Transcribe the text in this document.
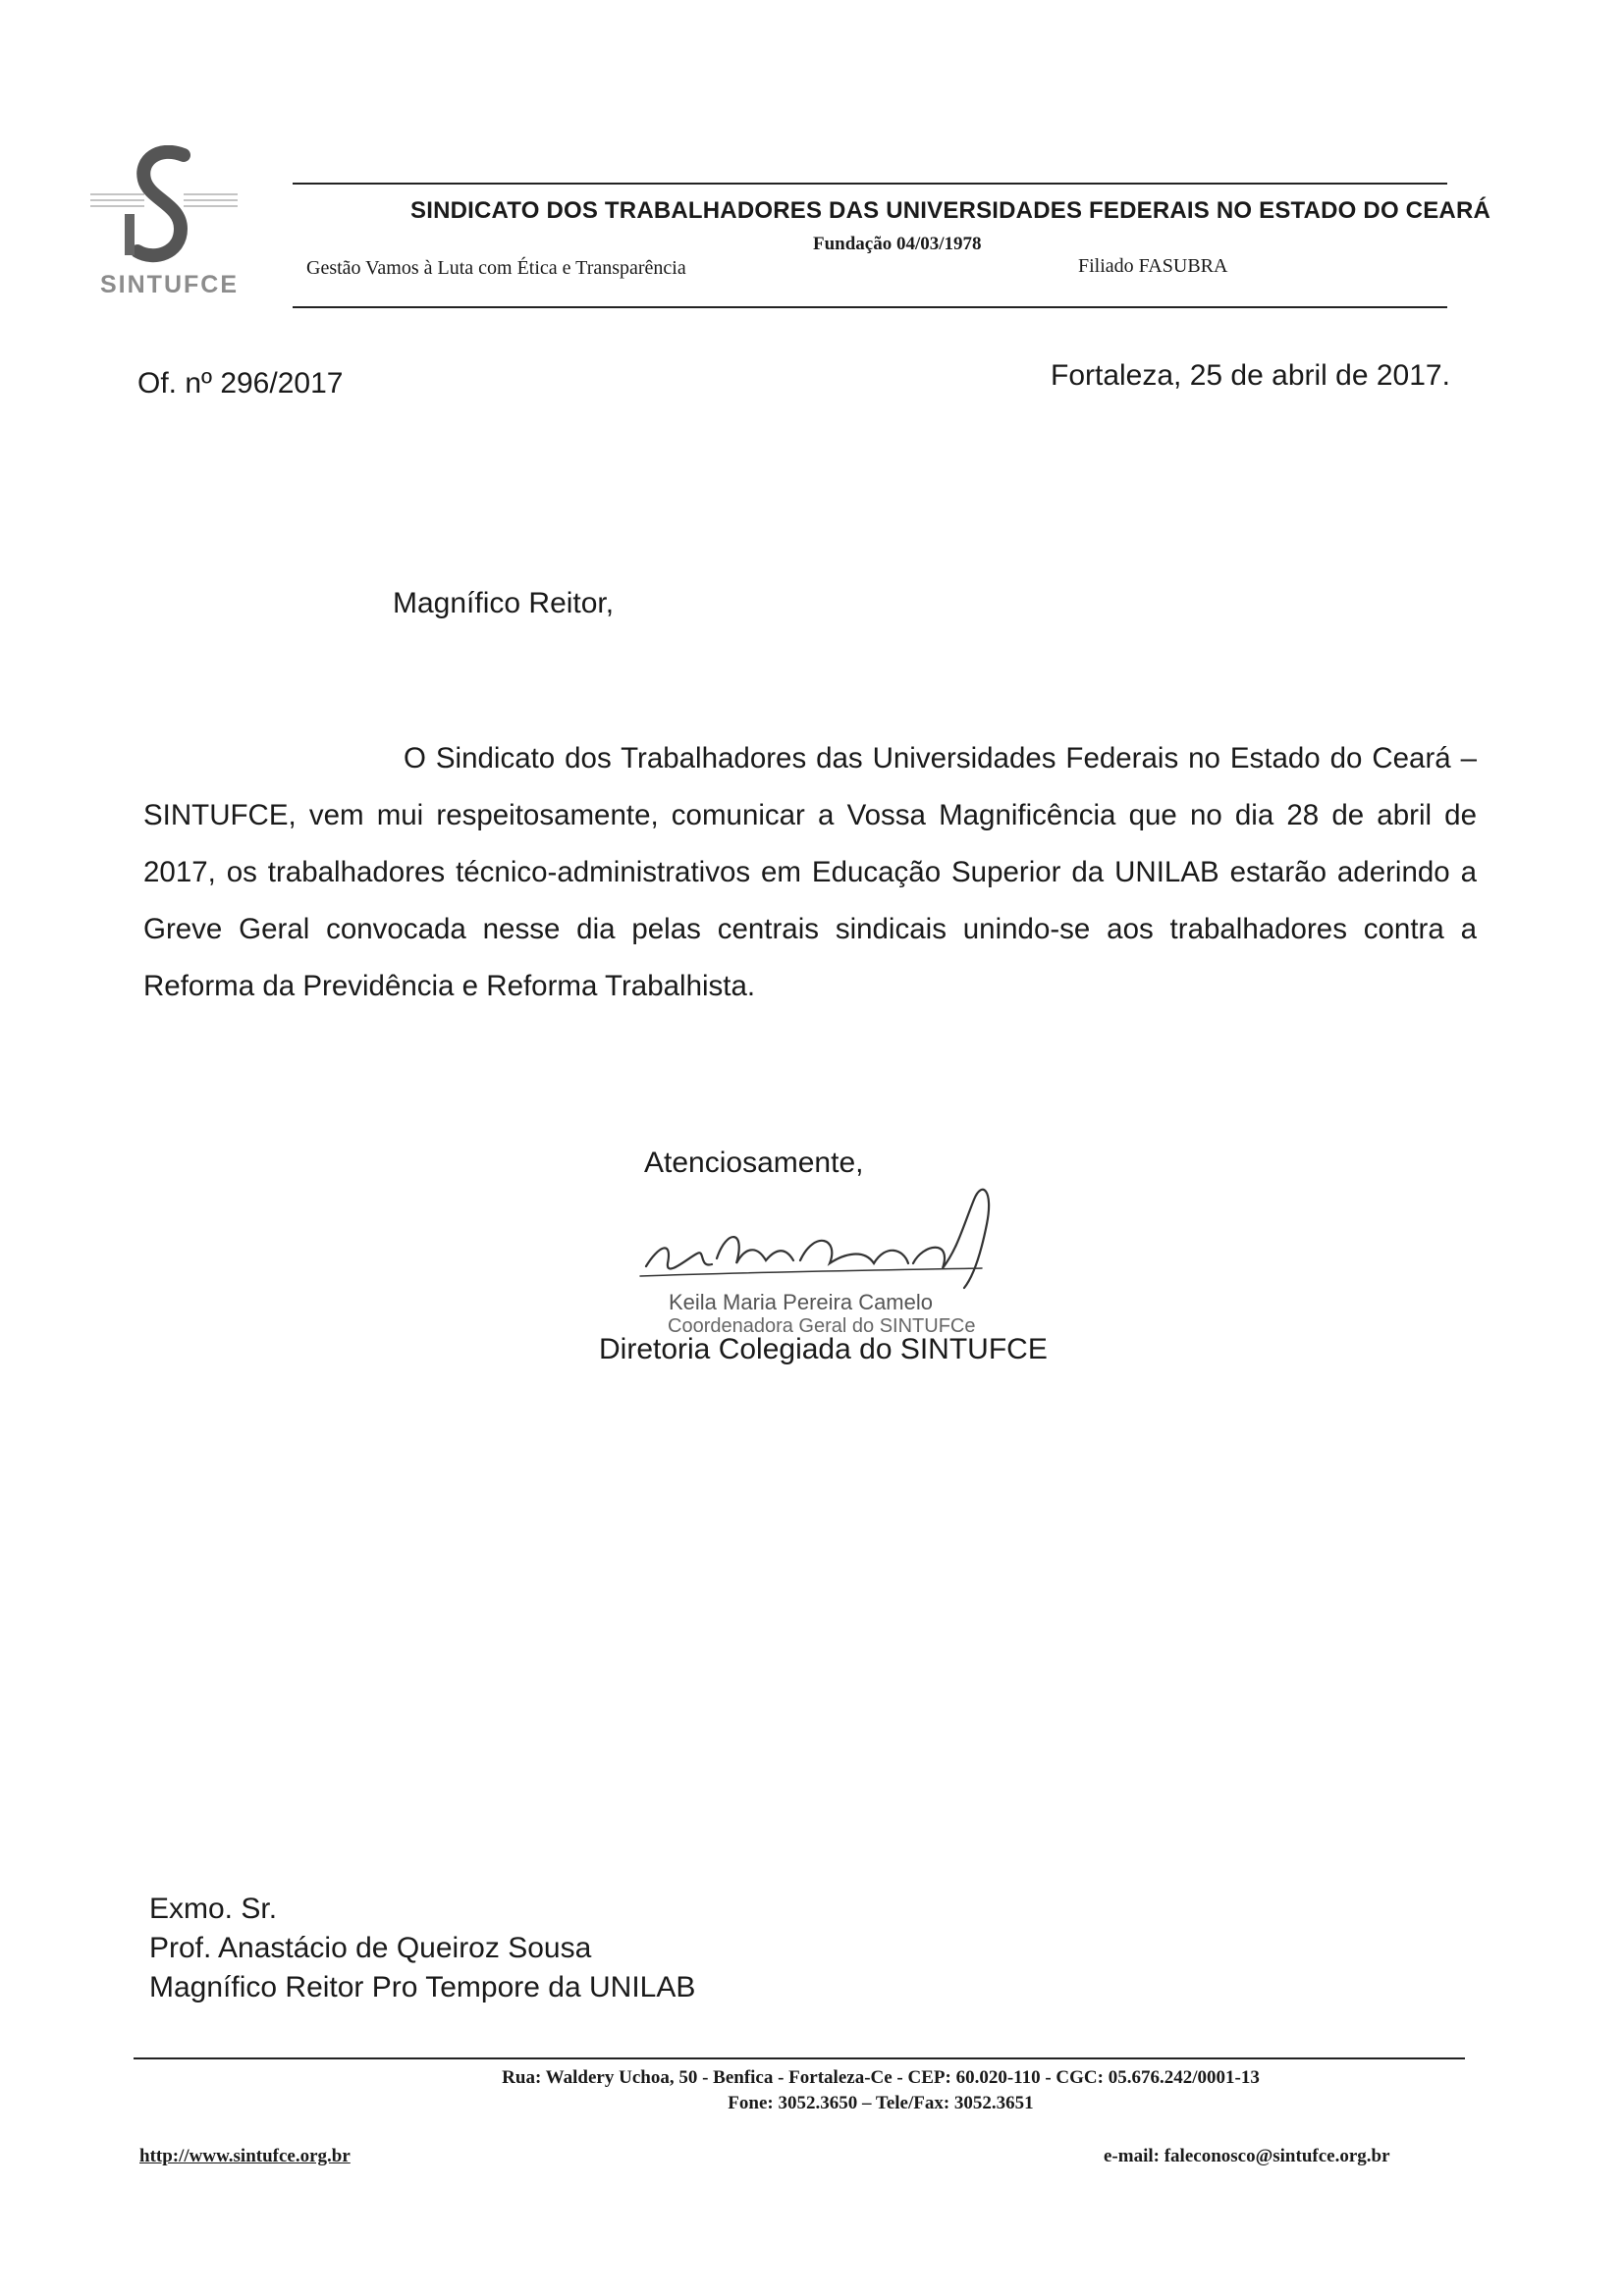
SINTUFCE
SINDICATO DOS TRABALHADORES DAS UNIVERSIDADES FEDERAIS NO ESTADO DO CEARÁ
Fundação 04/03/1978
Gestão Vamos à Luta com Ética e Transparência	Filiado FASUBRA
Of. nº 296/2017	Fortaleza, 25 de abril de 2017.
Magnífico Reitor,
O Sindicato dos Trabalhadores das Universidades Federais no Estado do Ceará – SINTUFCE, vem mui respeitosamente, comunicar a Vossa Magnificência que no dia 28 de abril de 2017, os trabalhadores técnico-administrativos em Educação Superior da UNILAB estarão aderindo a Greve Geral convocada nesse dia pelas centrais sindicais unindo-se aos trabalhadores contra a Reforma da Previdência e Reforma Trabalhista.
Atenciosamente,
Keila Maria Pereira Camelo
Coordenadora Geral do SINTUFCe
Diretoria Colegiada do SINTUFCE
Exmo. Sr.
Prof. Anastácio de Queiroz Sousa
Magnífico Reitor Pro Tempore da UNILAB
Rua: Waldery Uchoa, 50 - Benfica - Fortaleza-Ce - CEP: 60.020-110 - CGC: 05.676.242/0001-13
Fone: 3052.3650 – Tele/Fax: 3052.3651
http://www.sintufce.org.br	e-mail: faleconosco@sintufce.org.br
